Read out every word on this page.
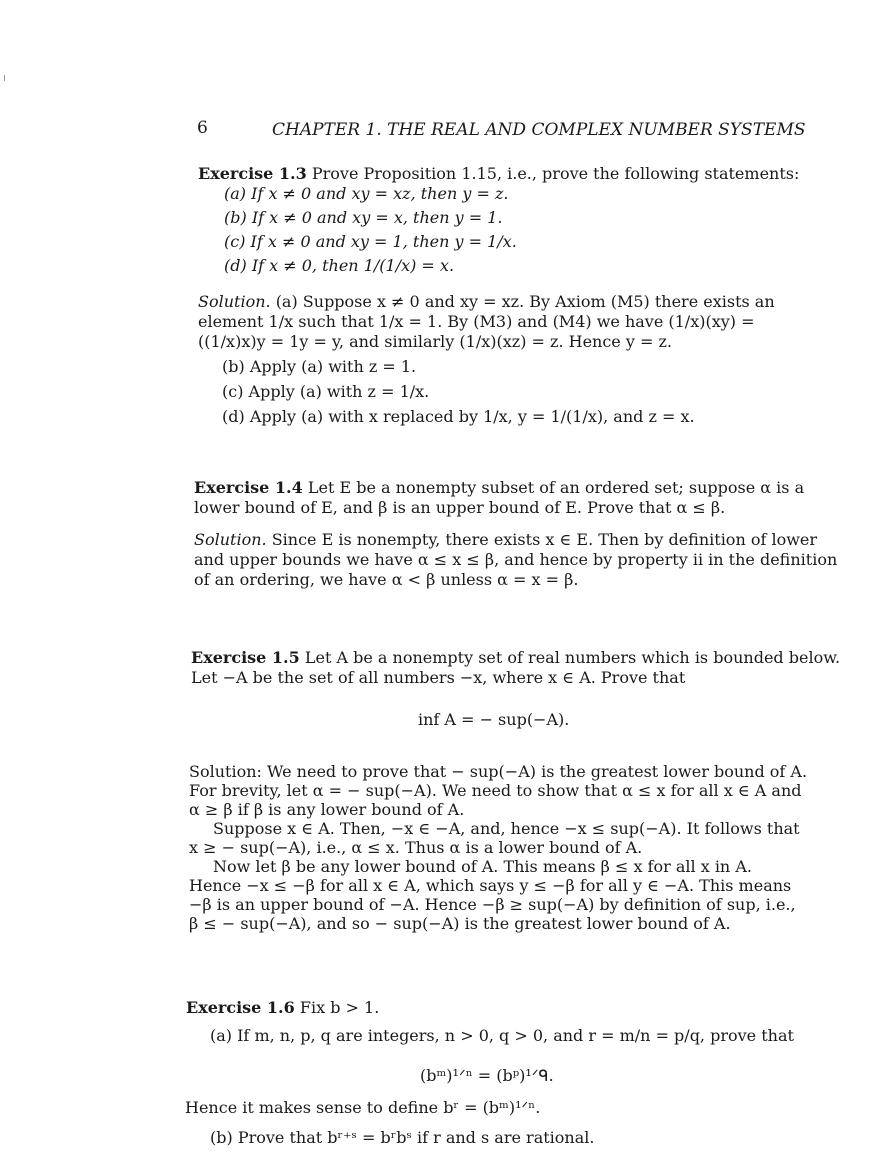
6	CHAPTER 1. THE REAL AND COMPLEX NUMBER SYSTEMS
Exercise 1.3 Prove Proposition 1.15, i.e., prove the following statements:
(a) If x ≠ 0 and xy = xz, then y = z.
(b) If x ≠ 0 and xy = x, then y = 1.
(c) If x ≠ 0 and xy = 1, then y = 1/x.
(d) If x ≠ 0, then 1/(1/x) = x.
Solution. (a) Suppose x ≠ 0 and xy = xz. By Axiom (M5) there exists an
element 1/x such that 1/x = 1. By (M3) and (M4) we have (1/x)(xy) =
((1/x)x)y = 1y = y, and similarly (1/x)(xz) = z. Hence y = z.
(b) Apply (a) with z = 1.
(c) Apply (a) with z = 1/x.
(d) Apply (a) with x replaced by 1/x, y = 1/(1/x), and z = x.
Exercise 1.4 Let E be a nonempty subset of an ordered set; suppose α is a
lower bound of E, and β is an upper bound of E. Prove that α ≤ β.
Solution. Since E is nonempty, there exists x ∈ E. Then by definition of lower
and upper bounds we have α ≤ x ≤ β, and hence by property ii in the definition
of an ordering, we have α < β unless α = x = β.
Exercise 1.5 Let A be a nonempty set of real numbers which is bounded below.
Let −A be the set of all numbers −x, where x ∈ A. Prove that
inf A = − sup(−A).
Solution: We need to prove that − sup(−A) is the greatest lower bound of A.
For brevity, let α = − sup(−A). We need to show that α ≤ x for all x ∈ A and
α ≥ β if β is any lower bound of A.
Suppose x ∈ A. Then, −x ∈ −A, and, hence −x ≤ sup(−A). It follows that
x ≥ − sup(−A), i.e., α ≤ x. Thus α is a lower bound of A.
Now let β be any lower bound of A. This means β ≤ x for all x in A.
Hence −x ≤ −β for all x ∈ A, which says y ≤ −β for all y ∈ −A. This means
−β is an upper bound of −A. Hence −β ≥ sup(−A) by definition of sup, i.e.,
β ≤ − sup(−A), and so − sup(−A) is the greatest lower bound of A.
Exercise 1.6 Fix b > 1.
(a) If m, n, p, q are integers, n > 0, q > 0, and r = m/n = p/q, prove that
(bᵐ)¹ᐟⁿ = (bᵖ)¹ᐟᑫ.
Hence it makes sense to define bʳ = (bᵐ)¹ᐟⁿ.
(b) Prove that bʳ⁺ˢ = bʳbˢ if r and s are rational.
